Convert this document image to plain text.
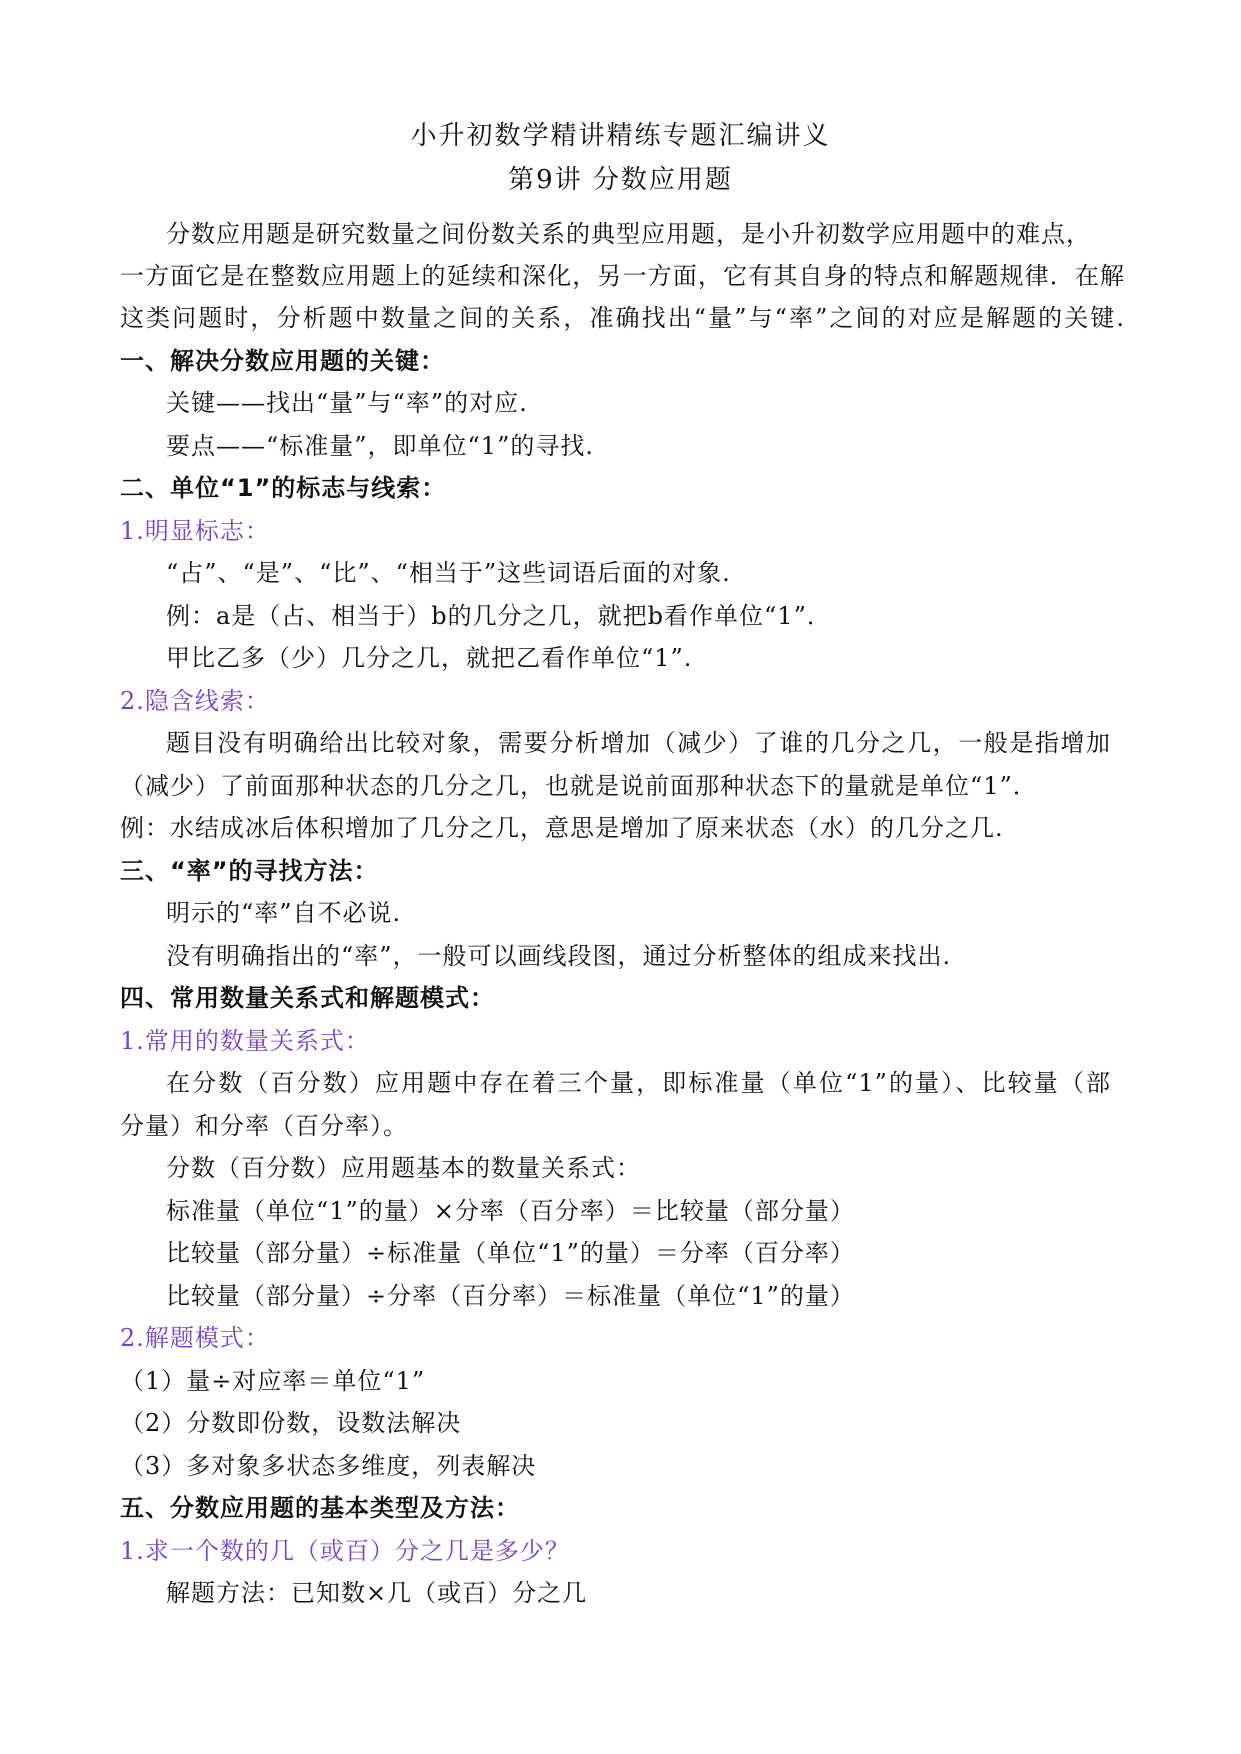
小升初数学精讲精练专题汇编讲义
第9讲 分数应用题
分数应用题是研究数量之间份数关系的典型应用题，是小升初数学应用题中的难点，
一方面它是在整数应用题上的延续和深化，另一方面，它有其自身的特点和解题规律．在解
这类问题时，分析题中数量之间的关系，准确找出“量”与“率”之间的对应是解题的关键.
一、解决分数应用题的关键：
关键——找出“量”与“率”的对应.
要点——“标准量”，即单位“1”的寻找.
二、单位“1”的标志与线索：
1.明显标志：
“占”、“是”、“比”、“相当于”这些词语后面的对象.
例：a是（占、相当于）b的几分之几，就把b看作单位“1”．
甲比乙多（少）几分之几，就把乙看作单位“1”.
2.隐含线索：
题目没有明确给出比较对象，需要分析增加（减少）了谁的几分之几，一般是指增加
（减少）了前面那种状态的几分之几，也就是说前面那种状态下的量就是单位“1”．
例：水结成冰后体积增加了几分之几，意思是增加了原来状态（水）的几分之几.
三、“率”的寻找方法：
明示的“率”自不必说.
没有明确指出的“率”，一般可以画线段图，通过分析整体的组成来找出.
四、常用数量关系式和解题模式：
1.常用的数量关系式：
在分数（百分数）应用题中存在着三个量，即标准量（单位“1”的量）、比较量（部
分量）和分率（百分率）。
分数（百分数）应用题基本的数量关系式：
标准量（单位“1”的量）×分率（百分率）＝比较量（部分量）
比较量（部分量）÷标准量（单位“1”的量）＝分率（百分率）
比较量（部分量）÷分率（百分率）＝标准量（单位“1”的量）
2.解题模式：
（1）量÷对应率＝单位“1”
（2）分数即份数，设数法解决
（3）多对象多状态多维度，列表解决
五、分数应用题的基本类型及方法：
1.求一个数的几（或百）分之几是多少？
解题方法：已知数×几（或百）分之几
